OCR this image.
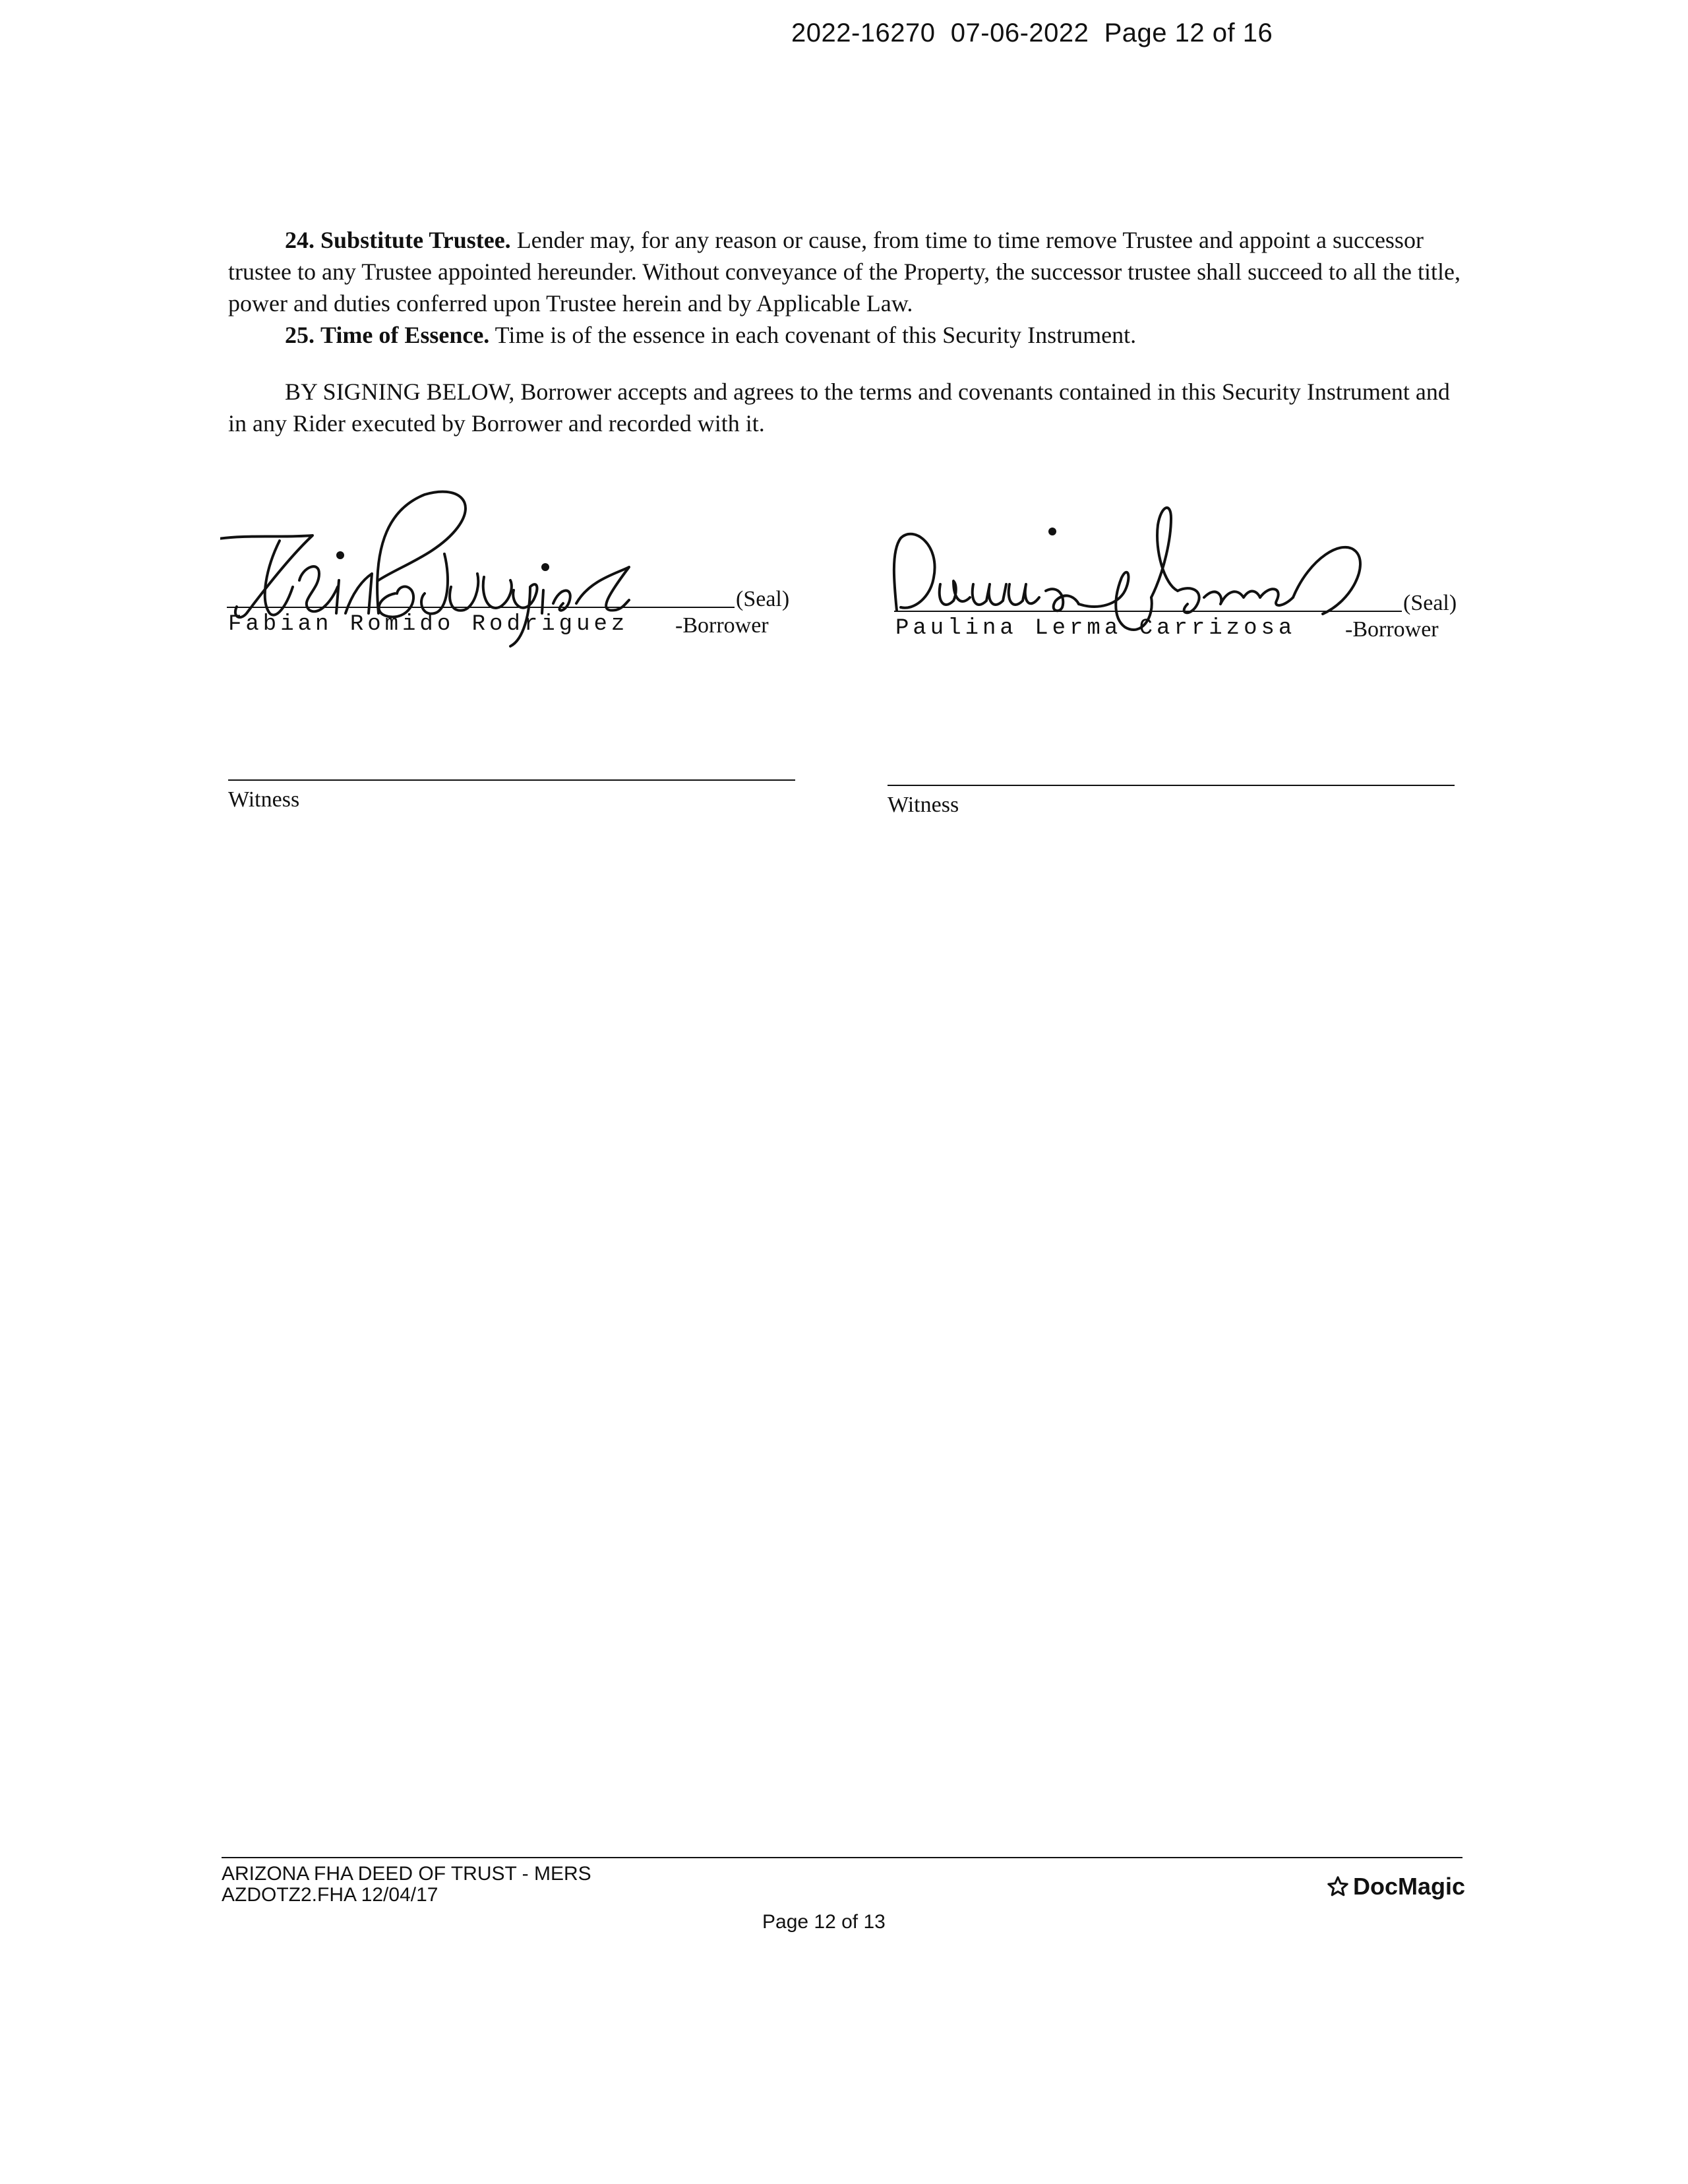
2022-16270  07-06-2022  Page 12 of 16
24. Substitute Trustee. Lender may, for any reason or cause, from time to time remove Trustee and appoint a successor trustee to any Trustee appointed hereunder. Without conveyance of the Property, the successor trustee shall succeed to all the title, power and duties conferred upon Trustee herein and by Applicable Law.
25. Time of Essence. Time is of the essence in each covenant of this Security Instrument.
BY SIGNING BELOW, Borrower accepts and agrees to the terms and covenants contained in this Security Instrument and in any Rider executed by Borrower and recorded with it.
(Seal)
Fabian Romido Rodriguez -Borrower
(Seal)
Paulina Lerma Carrizosa -Borrower
Witness	Witness
ARIZONA FHA DEED OF TRUST - MERS
AZDOTZ2.FHA 12/04/17
Page 12 of 13
DocMagic
